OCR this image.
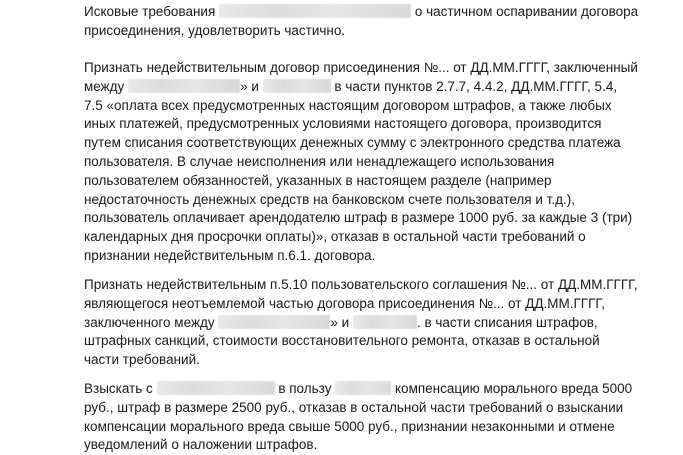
Исковые требования	о частичном оспаривании договора
присоединения, удовлетворить частично.
Признать недействительным договор присоединения №... от ДД.ММ.ГГГГ, заключенный
между	» и	в части пунктов 2.7.7, 4.4.2, ДД.ММ.ГГГГ, 5.4,
7.5 «оплата всех предусмотренных настоящим договором штрафов, а также любых
иных платежей, предусмотренных условиями настоящего договора, производится
путем списания соответствующих денежных сумму с электронного средства платежа
пользователя. В случае неисполнения или ненадлежащего использования
пользователем обязанностей, указанных в настоящем разделе (например
недостаточность денежных средств на банковском счете пользователя и т.д.),
пользователь оплачивает арендодателю штраф в размере 1000 руб. за каждые 3 (три)
календарных дня просрочки оплаты)», отказав в остальной части требований о
признании недействительным п.6.1. договора.
Признать недействительным п.5.10 пользовательского соглашения №... от ДД.ММ.ГГГГ,
являющегося неотъемлемой частью договора присоединения №... от ДД.ММ.ГГГГ,
заключенного между	» и	. в части списания штрафов,
штрафных санкций, стоимости восстановительного ремонта, отказав в остальной
части требований.
Взыскать с	в пользу	компенсацию морального вреда 5000
руб., штраф в размере 2500 руб., отказав в остальной части требований о взыскании
компенсации морального вреда свыше 5000 руб., признании незаконными и отмене
уведомлений о наложении штрафов.
